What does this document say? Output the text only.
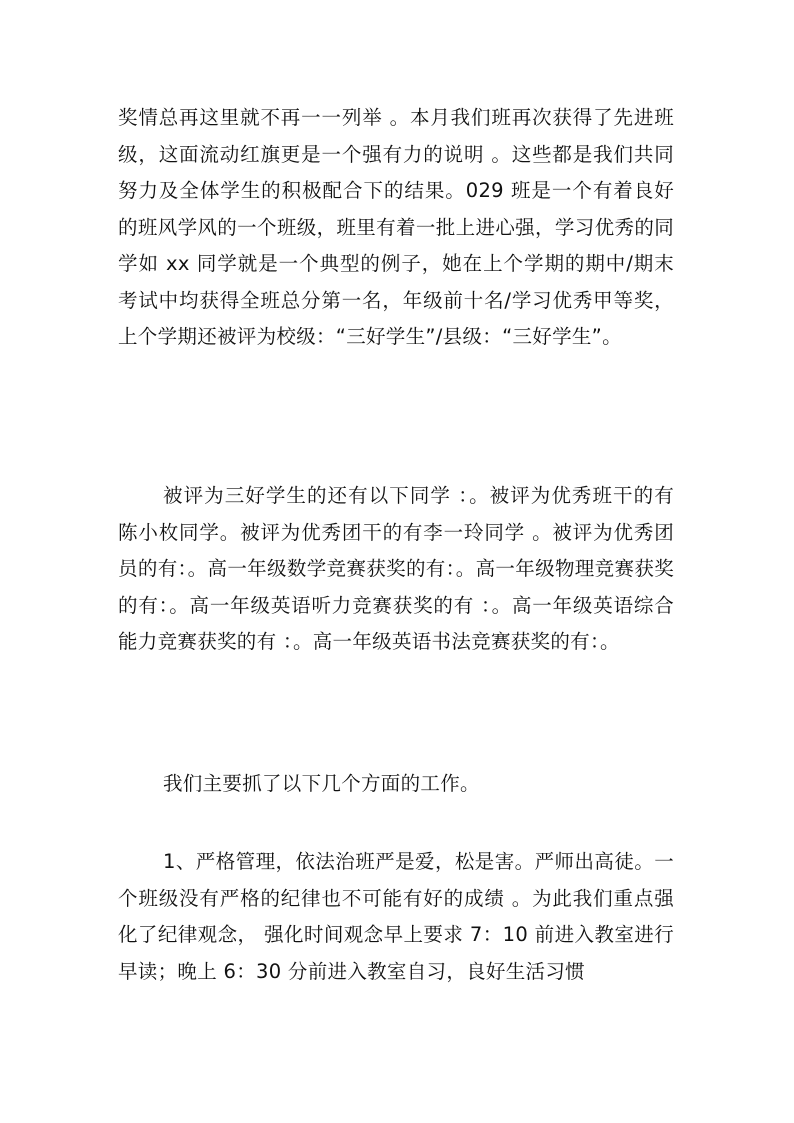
奖情总再这里就不再一一列举 。本月我们班再次获得了先进班级，这面流动红旗更是一个强有力的说明 。这些都是我们共同努力及全体学生的积极配合下的结果。029 班是一个有着良好的班风学风的一个班级，班里有着一批上进心强，学习优秀的同学如 xx 同学就是一个典型的例子，她在上个学期的期中/期末考试中均获得全班总分第一名，年级前十名/学习优秀甲等奖，上个学期还被评为校级：“三好学生”/县级：“三好学生”。

被评为三好学生的还有以下同学 ：。被评为优秀班干的有陈小枚同学。被评为优秀团干的有李一玲同学 。被评为优秀团员的有：。高一年级数学竞赛获奖的有：。高一年级物理竞赛获奖的有：。高一年级英语听力竞赛获奖的有 ：。高一年级英语综合能力竞赛获奖的有 ：。高一年级英语书法竞赛获奖的有：。

我们主要抓了以下几个方面的工作。

1、严格管理，依法治班严是爱，松是害。严师出高徒。一个班级没有严格的纪律也不可能有好的成绩 。为此我们重点强化了纪律观念， 强化时间观念早上要求 7：10 前进入教室进行早读；晚上 6：30 分前进入教室自习，良好生活习惯
